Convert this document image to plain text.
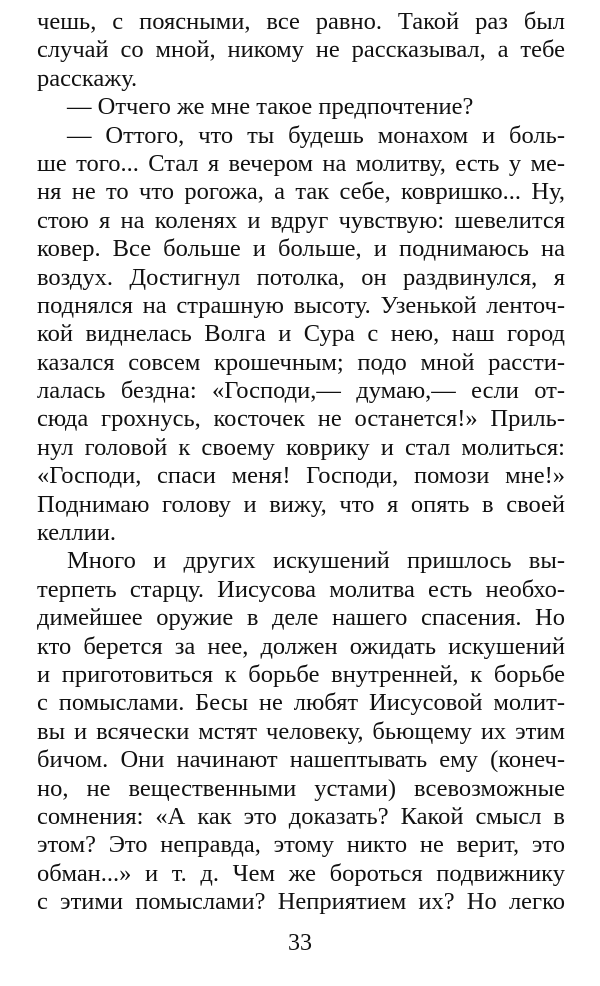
чешь, с поясными, все равно. Такой раз был
случай со мной, никому не рассказывал, а тебе
расскажу.
— Отчего же мне такое предпочтение?
— Оттого, что ты будешь монахом и боль-
ше того... Стал я вечером на молитву, есть у ме-
ня не то что рогожа, а так себе, ковришко... Ну,
стою я на коленях и вдруг чувствую: шевелится
ковер. Все больше и больше, и поднимаюсь на
воздух. Достигнул потолка, он раздвинулся, я
поднялся на страшную высоту. Узенькой ленточ-
кой виднелась Волга и Сура с нею, наш город
казался совсем крошечным; подо мной расcти-
лалась бездна: «Господи,— думаю,— если от-
сюда грохнусь, косточек не останется!» Приль-
нул головой к своему коврику и стал молиться:
«Господи, спаси меня! Господи, помози мне!»
Поднимаю голову и вижу, что я опять в своей
келлии.
Много и других искушений пришлось вы-
терпеть старцу. Иисусова молитва есть необхо-
димейшее оружие в деле нашего спасения. Но
кто берется за нее, должен ожидать искушений
и приготовиться к борьбе внутренней, к борьбе
с помыслами. Бесы не любят Иисусовой молит-
вы и всячески мстят человеку, бьющему их этим
бичом. Они начинают нашептывать ему (конеч-
но, не вещественными устами) всевозможные
сомнения: «А как это доказать? Какой смысл в
этом? Это неправда, этому никто не верит, это
обман...» и т. д. Чем же бороться подвижнику
с этими помыслами? Неприятием их? Но легко
33
